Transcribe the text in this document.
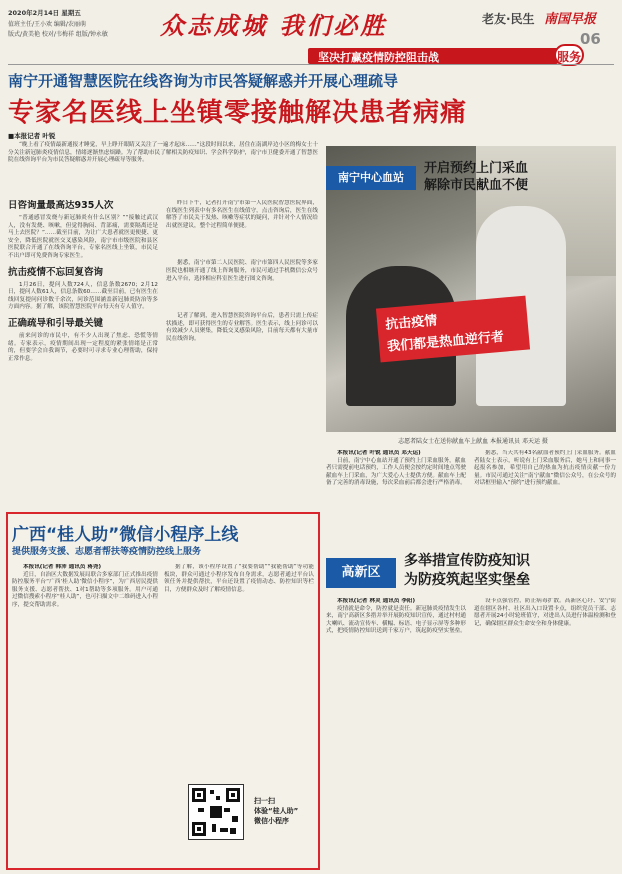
2020年2月14日 星期五
值班主任/王小欢 编辑/农丽萌
版式/黄美艳 校对/韦梅祥 组版/钟永敏 众志成城 我们必胜	老友·民生 南国早报
06
坚决打赢疫情防控阻击战	服务
南宁开通智慧医院在线咨询为市民答疑解惑并开展心理疏导
专家名医线上坐镇零接触解决患者病痛
■本报记者 叶锐

“晚上看了疫情最新通报才睡觉，早上睁开眼睛又关注了一遍才起床……”这段时间以来，居住在南湖岸边小区的梅女士十分关注新冠肺炎疫情信息，情绪逐渐焦虑烦躁。为了帮助市民了解相关防疫知识、学会科学防护，南宁市卫健委开通了智慧医院在线咨询平台为市民答疑解惑并开展心理疏导等服务。

日咨询量最高达935人次

“普通感冒发烧与新冠肺炎有什么区别？”“接触过武汉人，没有发烧、咳嗽，但觉得胸闷、背部痛，需要隔离还是马上去医院？”……截至目前，为让广大患者就医更便捷、更安全，降低医院就医交叉感染风险，南宁市市级医院和县区医院联合开通了在线咨询平台，专家名医线上坐镇，市民足不出户即可免费咨询专家医生。

抗击疫情不忘回复咨询

1月26日，提问人数724人，信息条数2670；2月12日，提问人数61人，信息条数60……截至目前，已有医生在线回复提问问诊数千余次，问诊范围涵盖新冠肺炎防治等多方面内容。据了解，该院智慧医院平台每天有专人值守。

正确疏导和引导最关键

前来问诊的市民中，有不少人出现了焦虑、恐慌等情绪。专家表示，疫情期间出现一定程度的紧张情绪是正常的，但要学会自我调节，必要时可寻求专业心理帮助，保持正常作息。

昨日下午，记者打开南宁市第一人民医院智慧医院界面，在线医生列表中有多名医生在线值守，点击咨询后，医生在线解答了市民关于发热、咳嗽等症状的疑问，并针对个人情况给出就医建议，整个过程简单便捷。

据悉，南宁市第二人民医院、南宁市第四人民医院等多家医院也相继开通了线上咨询服务，市民可通过手机微信公众号进入平台，选择相应科室医生进行图文咨询。

记者了解到，进入智慧医院咨询平台后，患者只需上传症状描述，即可获得医生的专业解答。医生表示，线上问诊可以有效减少人员聚集，降低交叉感染风险，目前每天都有大量市民在线咨询。

抗击疫情
我们都是热血逆行者
南宁中心血站
开启预约上门采血
解除市民献血不便
志愿者陆女士在送你献血车上献血 本报通讯员 邓天运 摄

本报讯(记者 叶锐 通讯员 邓天运)

日前，南宁中心血站开通了预约上门采血服务，献血者只需提前电话预约，工作人员便会按约定时间地点驾驶献血车上门采血，为广大爱心人士提供方便。献血车上配备了完善的消毒设施，每次采血前后都会进行严格消毒。

据悉，当天共有43名献血者预约上门采血服务。献血者陆女士表示，听说有上门采血服务后，她马上和同事一起报名参加，希望用自己的热血为抗击疫情贡献一份力量。市民可通过关注“南宁献血”微信公众号，在公众号的对话框里输入“预约”进行预约献血。

广西“桂人助”微信小程序上线
提供服务支援、志愿者帮扶等疫情防控线上服务

本报讯(记者 韩沛 通讯员 蒋尧)

近日，自治区大数据发展局联合多家部门正式推出疫情防控服务平台“广西‘桂人助’微信小程序”，为广西居民提供服务支援、志愿者帮扶、1对1帮助等多项服务。用户可通过微信搜索小程序“桂人助”，也可扫描文中二维码进入小程序，提交帮助需求。

据了解，该小程序设置了“我要帮助”“我能帮助”等功能板块，群众可通过小程序发布自身需求，志愿者通过平台认领任务并提供帮扶，平台还设置了疫情动态、防控知识等栏目，方便群众及时了解疫情信息。

扫一扫
体验“桂人助”
微信小程序
高新区
多举措宣传防疫知识
为防疫筑起坚实堡垒

本报讯(记者 林灵 通讯员 李阳)

疫情就是命令，防控就是责任。新冠肺炎疫情发生以来，南宁高新区多措并举开展防疫知识宣传，通过村村通大喇叭、流动宣传车、横幅、标语、电子显示屏等多种形式，把疫情防控知识送到千家万户，筑起防疫坚实堡垒。

设卡点强管控，防止病毒扩散。高新区心圩、安宁街道在辖区各村、社区出入口设置卡点，组织党员干部、志愿者开展24小时轮班值守，对进出人员进行体温检测和登记，确保辖区群众生命安全和身体健康。
